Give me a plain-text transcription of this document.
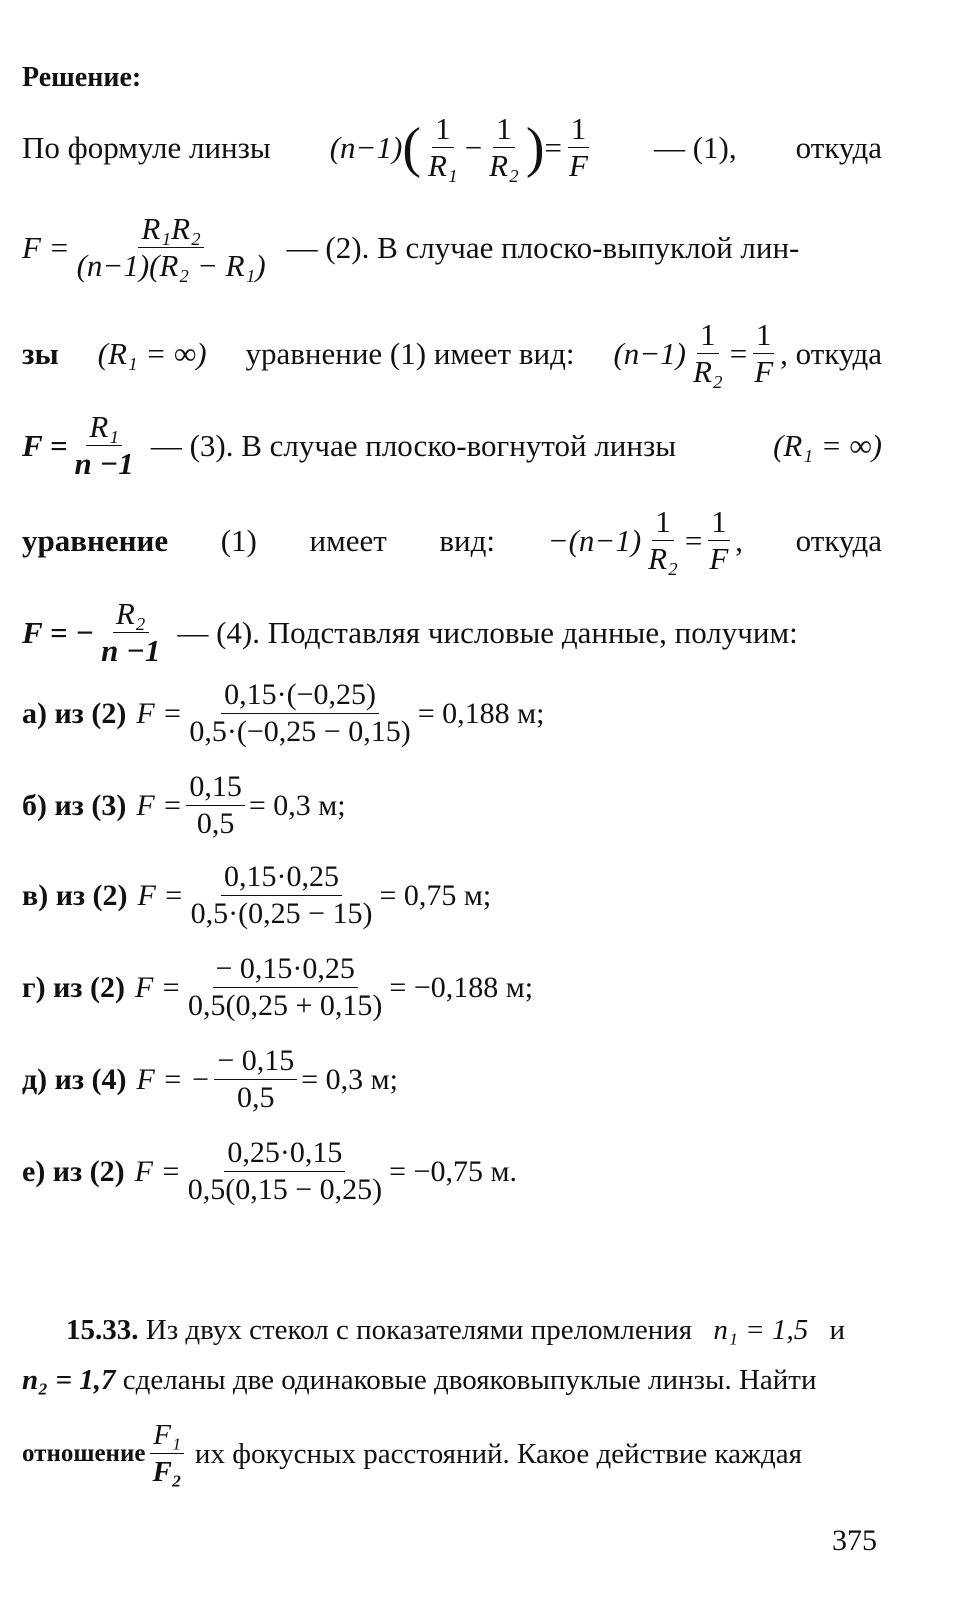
Решение:
По формуле линзы (n−1) ( $\frac{1}{\text{R₁}} - \frac{1}{\text{R₂}}$ ) = $\frac{1}{F}$ — (1), откуда
$F = \frac{\text{R₁R₂}}{\text{(n−1)(R₂ − R₁)}}$ — (2). В случае плоско-выпуклой лин-
зы (R₁ = ∞) уравнение (1) имеет вид: $(n-1) \frac{1}{\text{R₂}} = \frac{1}{F}$ , откуда
$F = \frac{\text{R₁}}{n -1}$ — (3). В случае плоско-вогнутой линзы	(R₁ = ∞)
уравнение (1) имеет вид: $-(n-1) \frac{1}{\text{R₂}} = \frac{1}{F}$ , откуда
F = − $\frac{\text{R₂}}{n -1}$ — (4). Подставляя числовые данные, получим:
а) из (2) $F = \frac{0,15\cdot(-0,25)}{0,5\cdot(-0,25 - 0,15)} = 0,188$ м;
б) из (3) $F = \frac{0,15}{0,5} = 0,3$ м;
в) из (2) $F = \frac{0,15\cdot 0,25}{0,5\cdot(0,25 - 15)} = 0,75$ м;
г) из (2) $F = \frac{- 0,15\cdot 0,25}{0,5(0,25 + 0,15)} = -0,188$ м;
д) из (4) F = − $\frac{- 0,15}{0,5} = 0,3$ м;
е) из (2) $F = \frac{0,25\cdot 0,15}{0,5(0,15 - 0,25)} = -0,75$ м.
15.33. Из двух стекол с показателями преломления n₁ = 1,5 и
n₂ = 1,7 сделаны две одинаковые двояковыпуклые линзы. Найти
отношение $\frac{\text{F₁}}{\text{F₂}}$ их фокусных расстояний. Какое действие каждая
375
